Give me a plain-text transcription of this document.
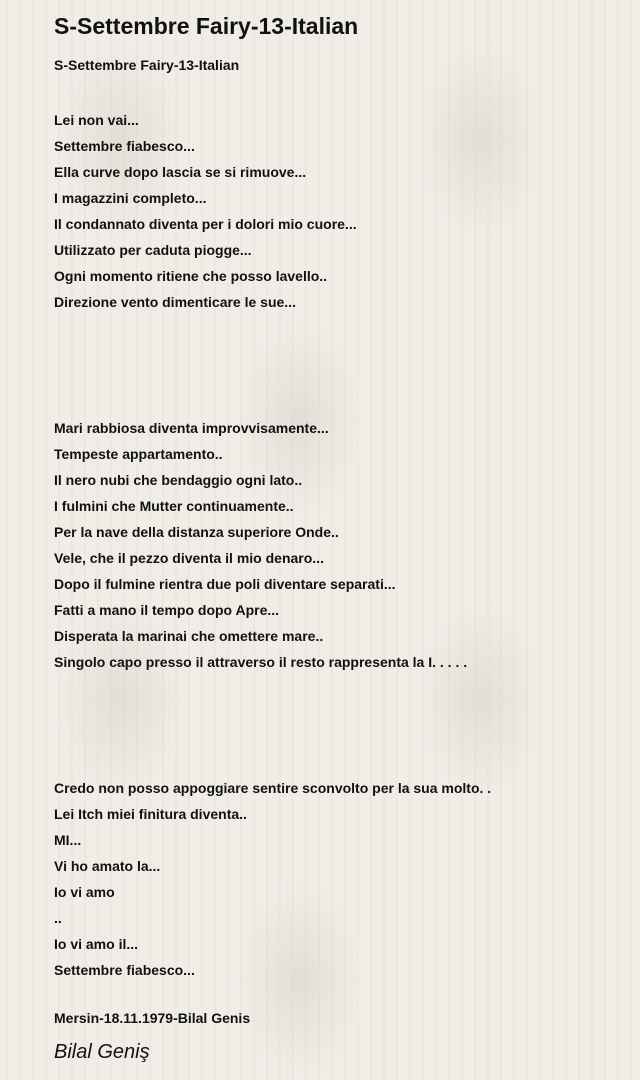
S-Settembre Fairy-13-Italian
S-Settembre Fairy-13-Italian
Lei non vai...
Settembre fiabesco...
Ella curve dopo lascia se si rimuove...
I magazzini completo...
Il condannato diventa per i dolori mio cuore...
Utilizzato per caduta piogge...
Ogni momento ritiene che posso lavello..
Direzione vento dimenticare le sue...
Mari rabbiosa diventa improvvisamente...
Tempeste appartamento..
Il nero nubi che bendaggio ogni lato..
I fulmini che Mutter continuamente..
Per la nave della distanza superiore Onde..
Vele, che il pezzo diventa il mio denaro...
Dopo il fulmine rientra due poli diventare separati...
Fatti a mano il tempo dopo Apre...
Disperata la marinai che omettere mare..
Singolo capo presso il attraverso il resto rappresenta la I. . . . .
Credo non posso appoggiare sentire sconvolto per la sua molto. .
Lei Itch miei finitura diventa..
MI...
Vi ho amato la...
Io vi amo
..
Io vi amo il...
Settembre fiabesco...
Mersin-18.11.1979-Bilal Genis
Bilal Geniş
